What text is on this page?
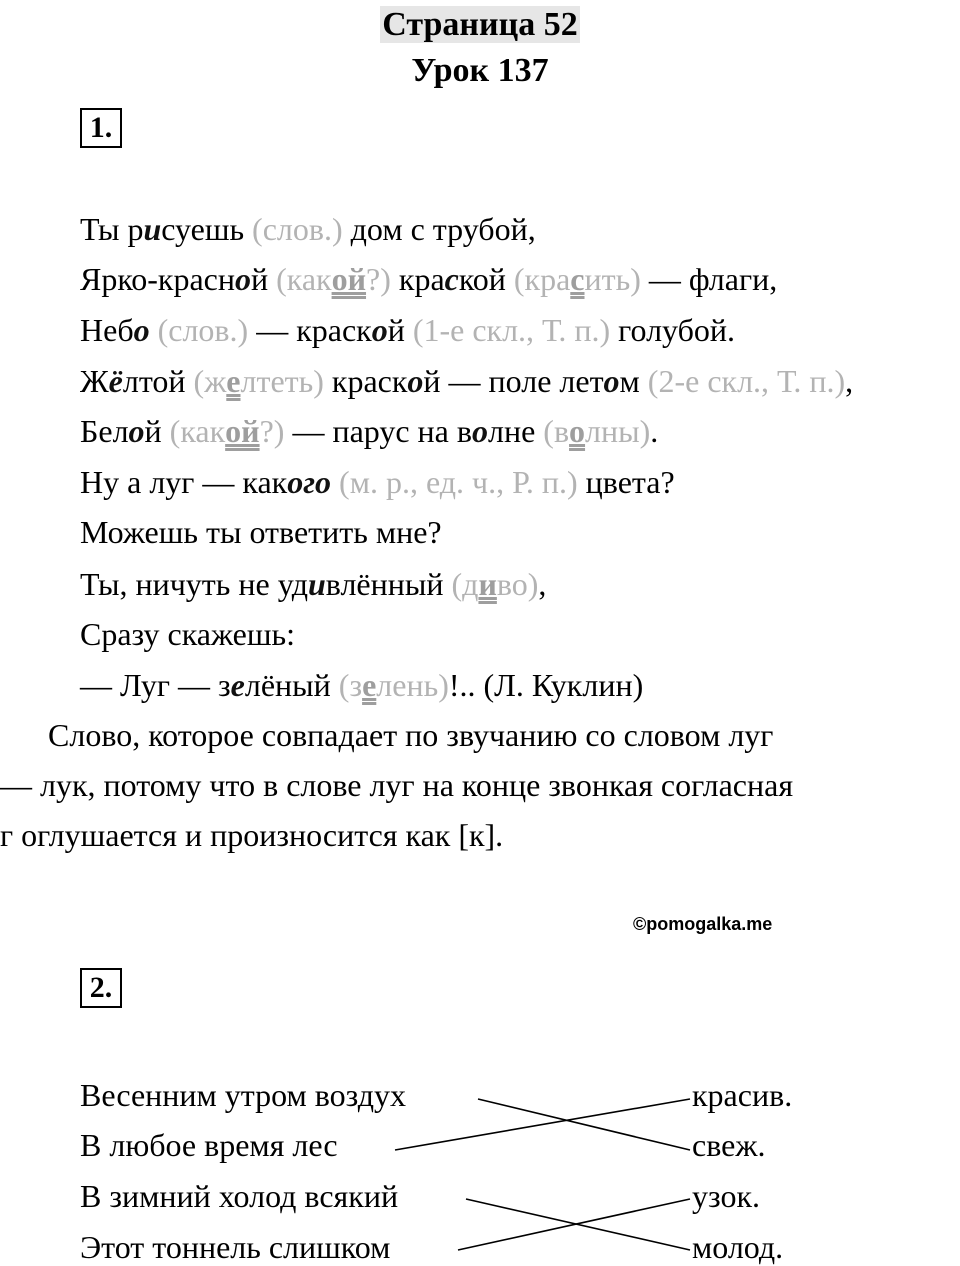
Страница 52
Урок 137
1.
Ты рисуешь (слов.) дом с трубой,
Ярко-красной (какой?) краской (красить) — флаги,
Небо (слов.) — краской (1-е скл., Т. п.) голубой.
Жёлтой (желтеть) краской — поле летом (2-е скл., Т. п.),
Белой (какой?) — парус на волне (волны).
Ну а луг — какого (м. р., ед. ч., Р. п.) цвета?
Можешь ты ответить мне?
Ты, ничуть не удивлённый (диво),
Сразу скажешь:
— Луг — зелёный (зелень)!.. (Л. Куклин)
Слово, которое совпадает по звучанию со словом луг
— лук, потому что в слове луг на конце звонкая согласная
г оглушается и произносится как [к].
©pomogalka.me
2.
Весенним утром воздух
В любое время лес
В зимний холод всякий
Этот тоннель слишком
красив.
свеж.
узок.
молод.
